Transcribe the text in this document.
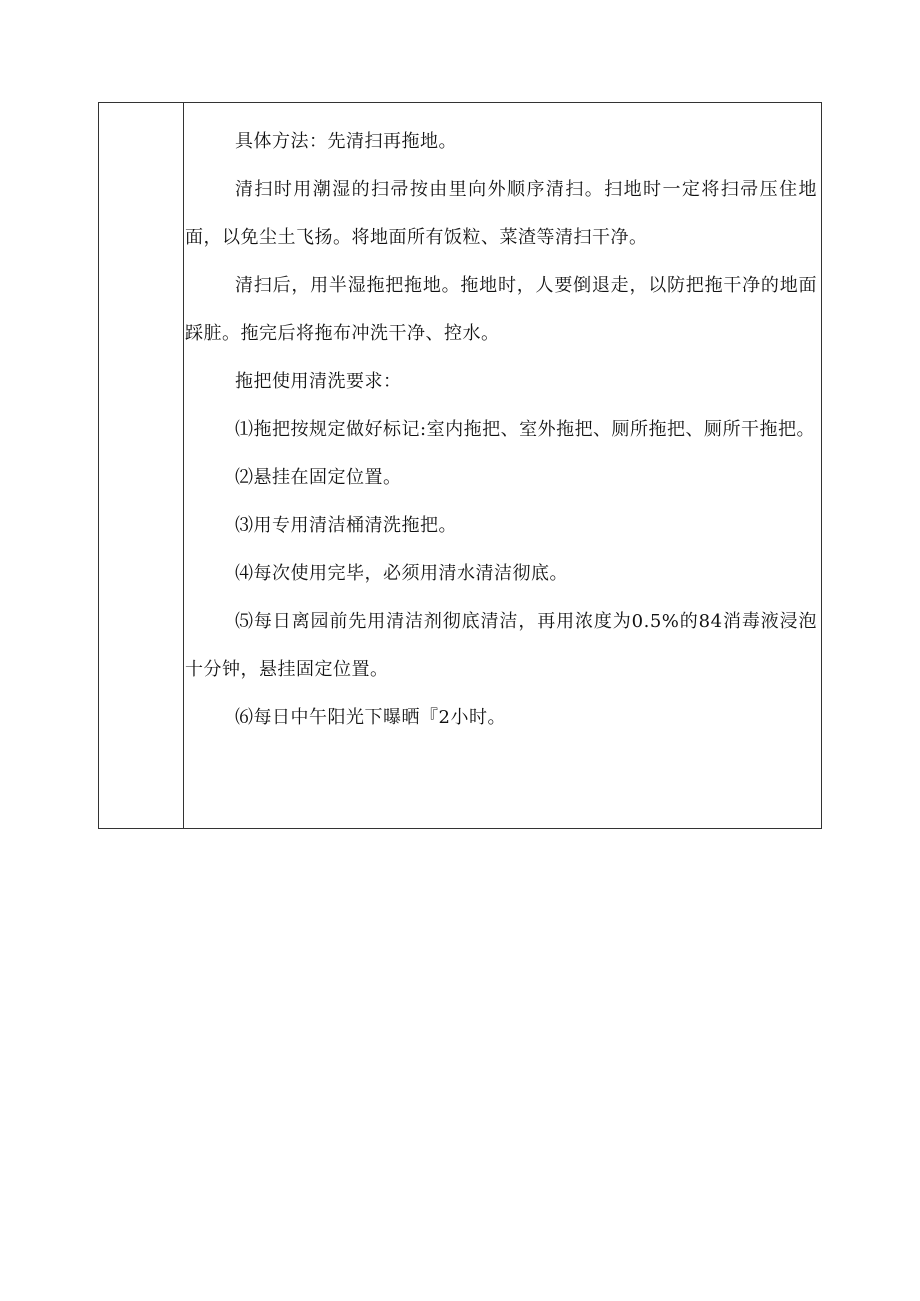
具体方法：先清扫再拖地。

清扫时用潮湿的扫帚按由里向外顺序清扫。扫地时一定将扫帚压住地面，以免尘土飞扬。将地面所有饭粒、菜渣等清扫干净。

清扫后，用半湿拖把拖地。拖地时，人要倒退走，以防把拖干净的地面踩脏。拖完后将拖布冲洗干净、控水。

拖把使用清洗要求：

⑴拖把按规定做好标记:室内拖把、室外拖把、厕所拖把、厕所干拖把。

⑵悬挂在固定位置。

⑶用专用清洁桶清洗拖把。

⑷每次使用完毕，必须用清水清洁彻底。

⑸每日离园前先用清洁剂彻底清洁，再用浓度为0.5%的84消毒液浸泡十分钟，悬挂固定位置。

⑹每日中午阳光下曝晒『2小时。
